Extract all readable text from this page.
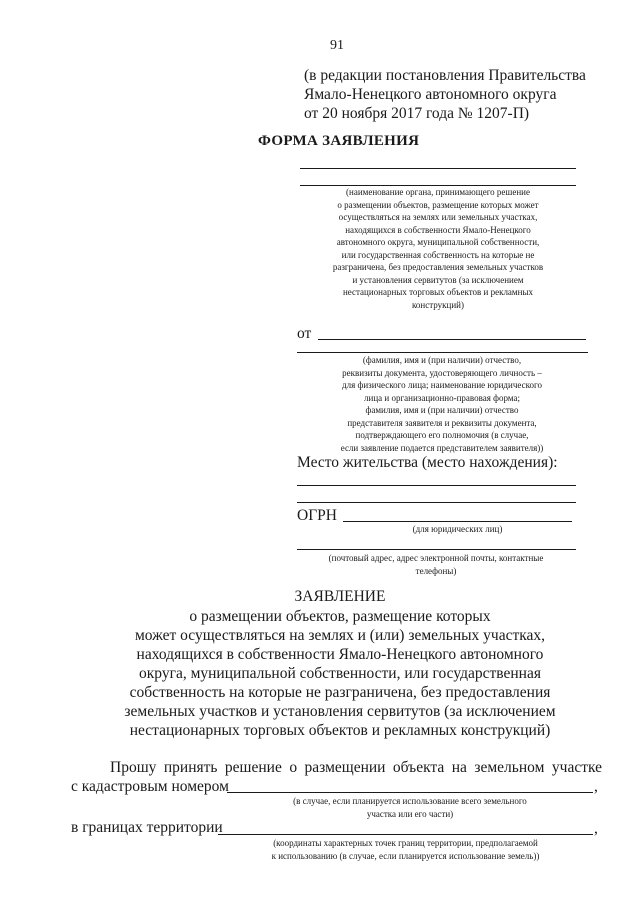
91
(в редакции постановления Правительства
Ямало-Ненецкого автономного округа
от 20 ноября 2017 года № 1207-П)
ФОРМА ЗАЯВЛЕНИЯ
(наименование органа, принимающего решение
о размещении объектов, размещение которых может
осуществляться на землях или земельных участках,
находящихся в собственности Ямало-Ненецкого
автономного округа, муниципальной собственности,
или государственная собственность на которые не
разграничена, без предоставления земельных участков
и установления сервитутов (за исключением
нестационарных торговых объектов и рекламных
конструкций)
от
(фамилия, имя и (при наличии) отчество,
реквизиты документа, удостоверяющего личность –
для физического лица; наименование юридического
лица и организационно-правовая форма;
фамилия, имя и (при наличии) отчество
представителя заявителя и реквизиты документа,
подтверждающего его полномочия (в случае,
если заявление подается представителем заявителя))
Место жительства (место нахождения):
ОГРН
(для юридических лиц)
(почтовый адрес, адрес электронной почты, контактные
телефоны)
ЗАЯВЛЕНИЕ
о размещении объектов, размещение которых
может осуществляться на землях и (или) земельных участках,
находящихся в собственности Ямало-Ненецкого автономного
округа, муниципальной собственности, или государственная
собственность на которые не разграничена, без предоставления
земельных участков и установления сервитутов (за исключением
нестационарных торговых объектов и рекламных конструкций)
Прошу принять решение о размещении объекта на земельном участке
с кадастровым номером	,
(в случае, если планируется использование всего земельного
участка или его части)
в границах территории	,
(координаты характерных точек границ территории, предполагаемой
к использованию (в случае, если планируется использование земель))
